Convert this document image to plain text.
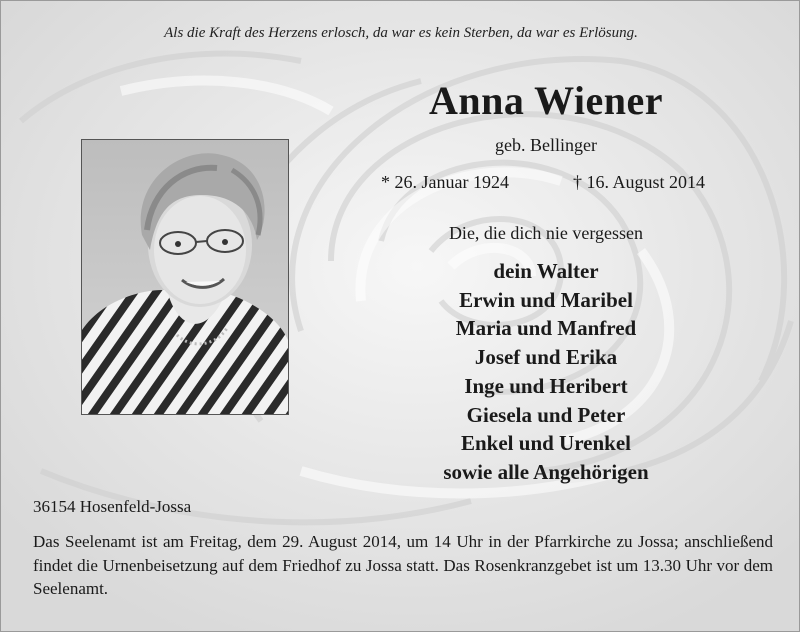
Als die Kraft des Herzens erlosch, da war es kein Sterben, da war es Erlösung.
Anna Wiener
geb. Bellinger
* 26. Januar 1924	† 16. August 2014
Die, die dich nie vergessen
dein Walter
Erwin und Maribel
Maria und Manfred
Josef und Erika
Inge und Heribert
Giesela und Peter
Enkel und Urenkel
sowie alle Angehörigen
36154 Hosenfeld-Jossa
Das Seelenamt ist am Freitag, dem 29. August 2014, um 14 Uhr in der Pfarrkirche zu Jossa; anschließend findet die Urnenbeisetzung auf dem Friedhof zu Jossa statt. Das Rosenkranzgebet ist um 13.30 Uhr vor dem Seelenamt.
